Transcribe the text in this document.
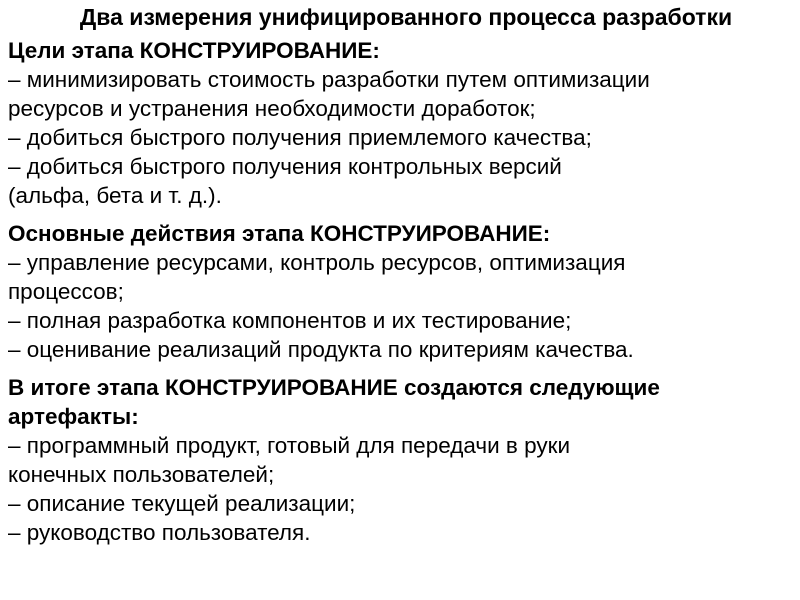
Два измерения унифицированного процесса разработки
Цели этапа КОНСТРУИРОВАНИЕ:
– минимизировать стоимость разработки путем оптимизации
ресурсов и устранения необходимости доработок;
– добиться быстрого получения приемлемого качества;
– добиться быстрого получения контрольных версий
(альфа, бета и т. д.).
Основные действия этапа КОНСТРУИРОВАНИЕ:
– управление ресурсами, контроль ресурсов, оптимизация
процессов;
– полная разработка компонентов и их тестирование;
– оценивание реализаций продукта по критериям качества.
В итоге этапа КОНСТРУИРОВАНИЕ создаются следующие
артефакты:
– программный продукт, готовый для передачи в руки
конечных пользователей;
– описание текущей реализации;
– руководство пользователя.
